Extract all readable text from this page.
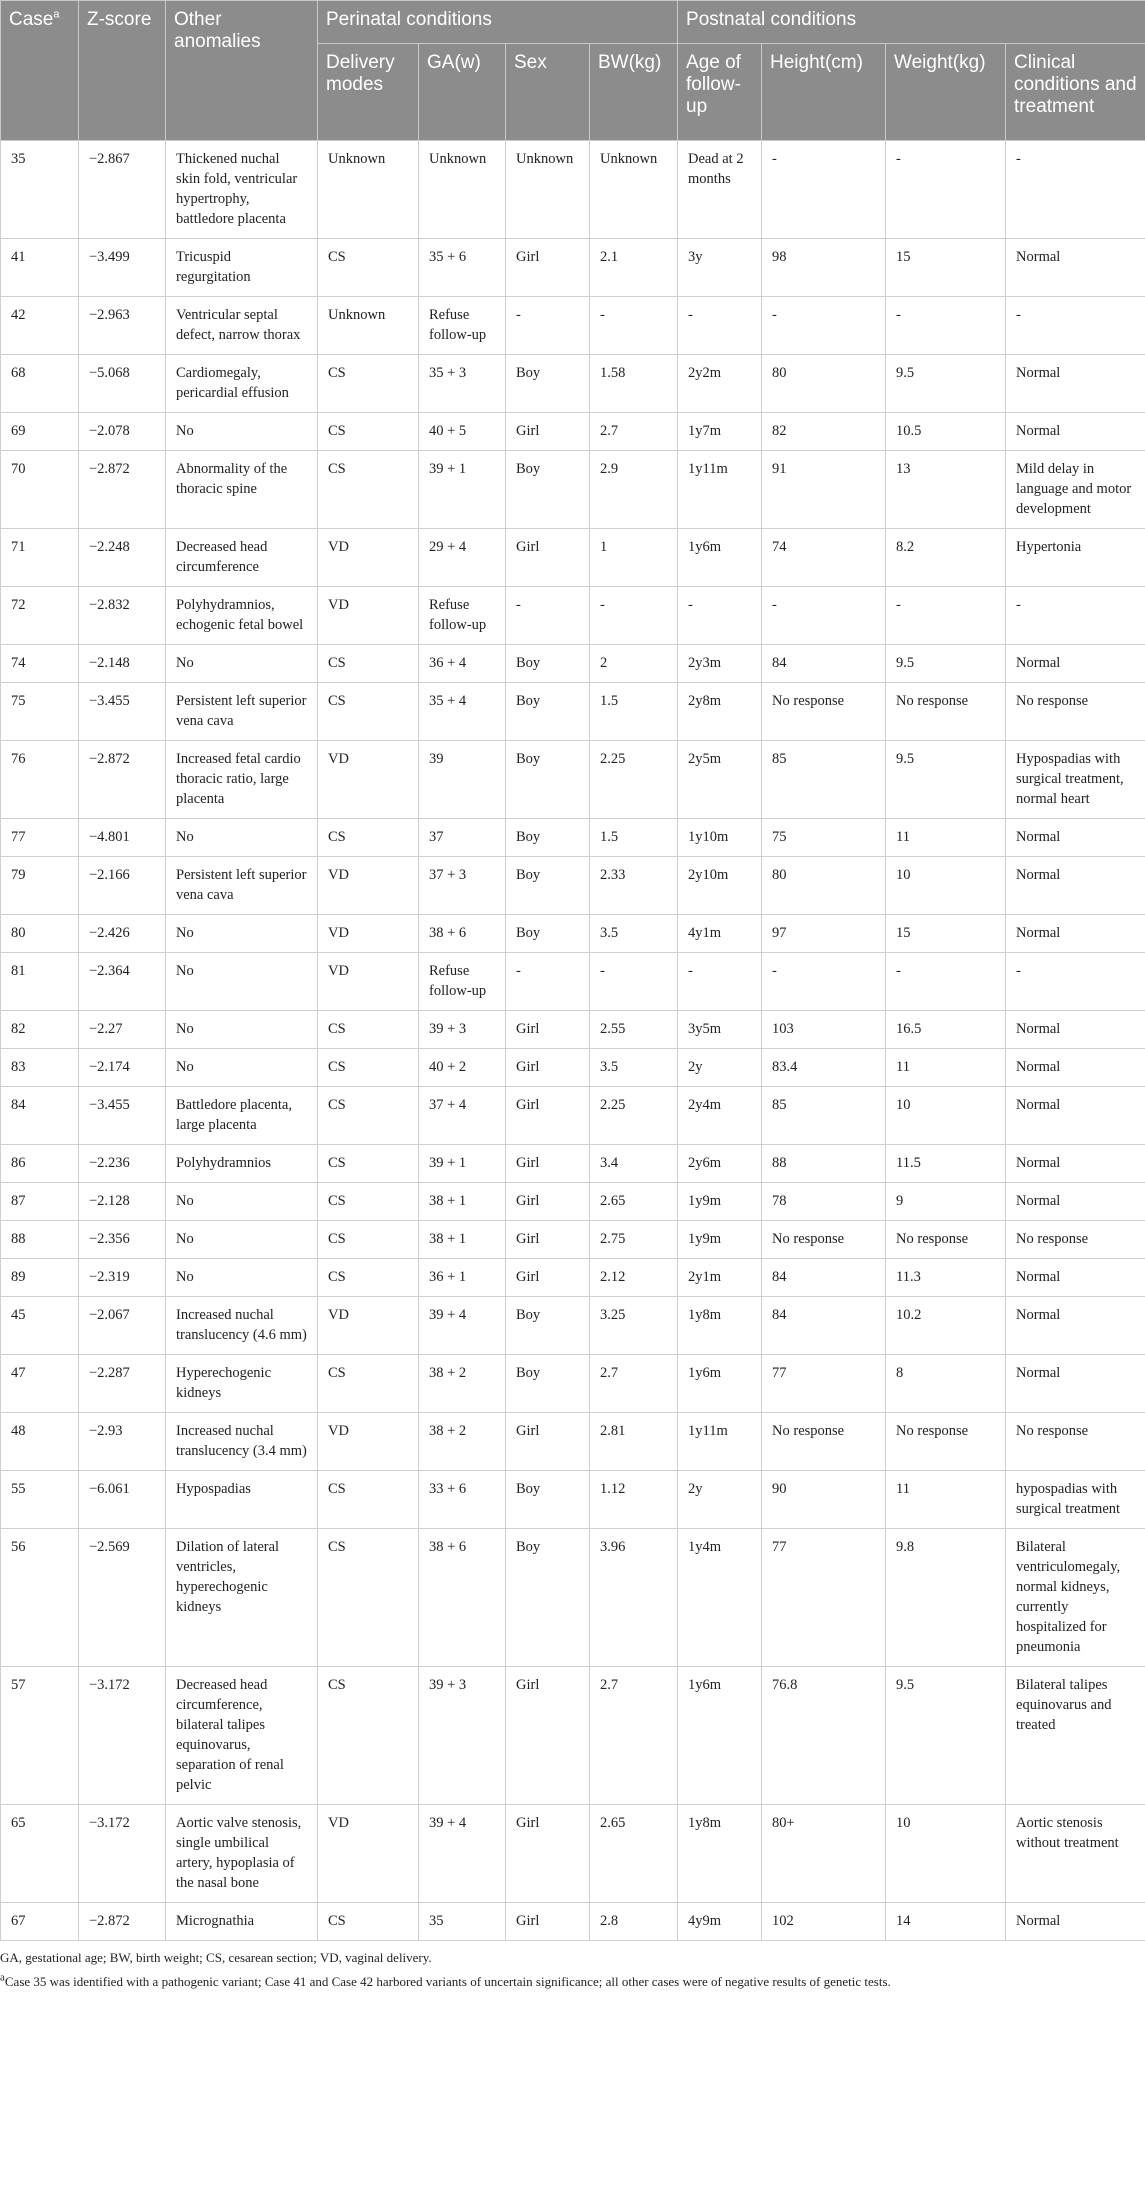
Case$^a$	Z-score	Other anomalies	Perinatal conditions				Postnatal conditions			
			Delivery modes	GA(w)	Sex	BW(kg)	Age of follow-up	Height(cm)	Weight(kg)	Clinical conditions and treatment
35	−2.867	Thickened nuchal skin fold, ventricular hypertrophy, battledore placenta	Unknown	Unknown	Unknown	Unknown	Dead at 2 months	-	-	-
41	−3.499	Tricuspid regurgitation	CS	35 + 6	Girl	2.1	3y	98	15	Normal
42	−2.963	Ventricular septal defect, narrow thorax	Unknown	Refuse follow-up	-	-	-	-	-	-
68	−5.068	Cardiomegaly, pericardial effusion	CS	35 + 3	Boy	1.58	2y2m	80	9.5	Normal
69	−2.078	No	CS	40 + 5	Girl	2.7	1y7m	82	10.5	Normal
70	−2.872	Abnormality of the thoracic spine	CS	39 + 1	Boy	2.9	1y11m	91	13	Mild delay in language and motor development
71	−2.248	Decreased head circumference	VD	29 + 4	Girl	1	1y6m	74	8.2	Hypertonia
72	−2.832	Polyhydramnios, echogenic fetal bowel	VD	Refuse follow-up	-	-	-	-	-	-
74	−2.148	No	CS	36 + 4	Boy	2	2y3m	84	9.5	Normal
75	−3.455	Persistent left superior vena cava	CS	35 + 4	Boy	1.5	2y8m	No response	No response	No response
76	−2.872	Increased fetal cardio thoracic ratio, large placenta	VD	39	Boy	2.25	2y5m	85	9.5	Hypospadias with surgical treatment, normal heart
77	−4.801	No	CS	37	Boy	1.5	1y10m	75	11	Normal
79	−2.166	Persistent left superior vena cava	VD	37 + 3	Boy	2.33	2y10m	80	10	Normal
80	−2.426	No	VD	38 + 6	Boy	3.5	4y1m	97	15	Normal
81	−2.364	No	VD	Refuse follow-up	-	-	-	-	-	-
82	−2.27	No	CS	39 + 3	Girl	2.55	3y5m	103	16.5	Normal
83	−2.174	No	CS	40 + 2	Girl	3.5	2y	83.4	11	Normal
84	−3.455	Battledore placenta, large placenta	CS	37 + 4	Girl	2.25	2y4m	85	10	Normal
86	−2.236	Polyhydramnios	CS	39 + 1	Girl	3.4	2y6m	88	11.5	Normal
87	−2.128	No	CS	38 + 1	Girl	2.65	1y9m	78	9	Normal
88	−2.356	No	CS	38 + 1	Girl	2.75	1y9m	No response	No response	No response
89	−2.319	No	CS	36 + 1	Girl	2.12	2y1m	84	11.3	Normal
45	−2.067	Increased nuchal translucency (4.6 mm)	VD	39 + 4	Boy	3.25	1y8m	84	10.2	Normal
47	−2.287	Hyperechogenic kidneys	CS	38 + 2	Boy	2.7	1y6m	77	8	Normal
48	−2.93	Increased nuchal translucency (3.4 mm)	VD	38 + 2	Girl	2.81	1y11m	No response	No response	No response
55	−6.061	Hypospadias	CS	33 + 6	Boy	1.12	2y	90	11	hypospadias with surgical treatment
56	−2.569	Dilation of lateral ventricles, hyperechogenic kidneys	CS	38 + 6	Boy	3.96	1y4m	77	9.8	Bilateral ventriculomegaly, normal kidneys, currently hospitalized for pneumonia
57	−3.172	Decreased head circumference, bilateral talipes equinovarus, separation of renal pelvic	CS	39 + 3	Girl	2.7	1y6m	76.8	9.5	Bilateral talipes equinovarus and treated
65	−3.172	Aortic valve stenosis, single umbilical artery, hypoplasia of the nasal bone	VD	39 + 4	Girl	2.65	1y8m	80+	10	Aortic stenosis without treatment
67	−2.872	Micrognathia	CS	35	Girl	2.8	4y9m	102	14	Normal

GA, gestational age; BW, birth weight; CS, cesarean section; VD, vaginal delivery.

$^a$Case 35 was identified with a pathogenic variant; Case 41 and Case 42 harbored variants of uncertain significance; all other cases were of negative results of genetic tests.
